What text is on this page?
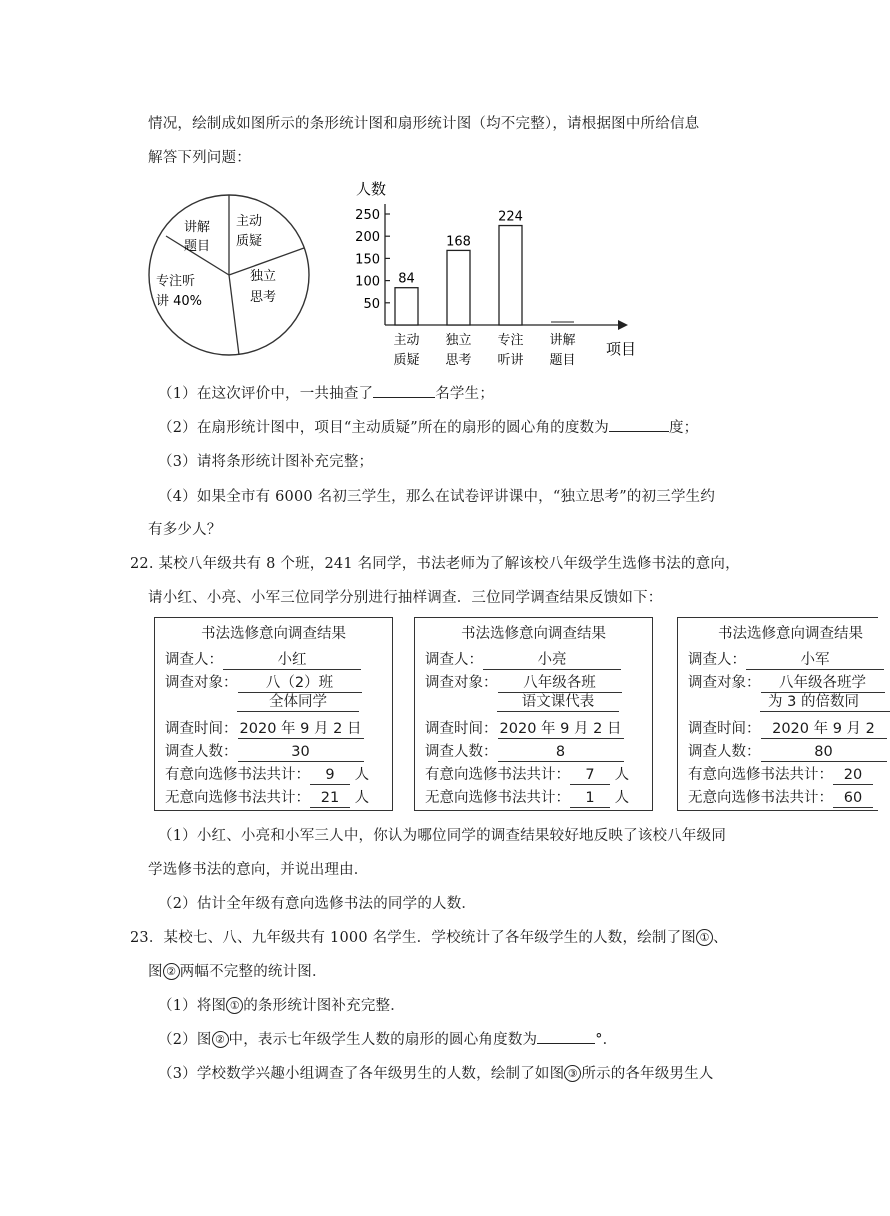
情况，绘制成如图所示的条形统计图和扇形统计图（均不完整），请根据图中所给信息
解答下列问题：
讲解
题目
主动
质疑
独立
思考
专注听
讲 40%
人数
项目
50
100
150
200
250
84
主动
质疑
168
独立
思考
224
专注
听讲
讲解
题目
（1）在这次评价中，一共抽查了	名学生；
（2）在扇形统计图中，项目“主动质疑”所在的扇形的圆心角的度数为	度；
（3）请将条形统计图补充完整；
（4）如果全市有 6000 名初三学生，那么在试卷评讲课中，“独立思考”的初三学生约
有多少人？
22. 某校八年级共有 8 个班，241 名同学，书法老师为了解该校八年级学生选修书法的意向，
请小红、小亮、小军三位同学分别进行抽样调查．三位同学调查结果反馈如下：
书法选修意向调查结果
调查人：	小红
调查对象： 八（2）班
全体同学
调查时间： 2020 年 9 月 2 日
调查人数：	30
有意向选修书法共计： 9 人
无意向选修书法共计： 21 人
书法选修意向调查结果
调查人：	小亮
调查对象： 八年级各班
语文课代表
调查时间： 2020 年 9 月 2 日
调查人数：	8
有意向选修书法共计： 7 人
无意向选修书法共计： 1 人
书法选修意向调查结果
调查人：	小军
调查对象： 八年级各班学
为 3 的倍数同
调查时间： 2020 年 9 月 2
调查人数：	80
有意向选修书法共计： 20
无意向选修书法共计： 60
（1）小红、小亮和小军三人中，你认为哪位同学的调查结果较好地反映了该校八年级同
学选修书法的意向，并说出理由．
（2）估计全年级有意向选修书法的同学的人数．
23．某校七、八、九年级共有 1000 名学生．学校统计了各年级学生的人数，绘制了图 ① 、
图 ② 两幅不完整的统计图．
（1）将图 ① 的条形统计图补充完整．
（2）图 ② 中，表示七年级学生人数的扇形的圆心角度数为	°．
（3）学校数学兴趣小组调查了各年级男生的人数，绘制了如图 ③ 所示的各年级男生人
